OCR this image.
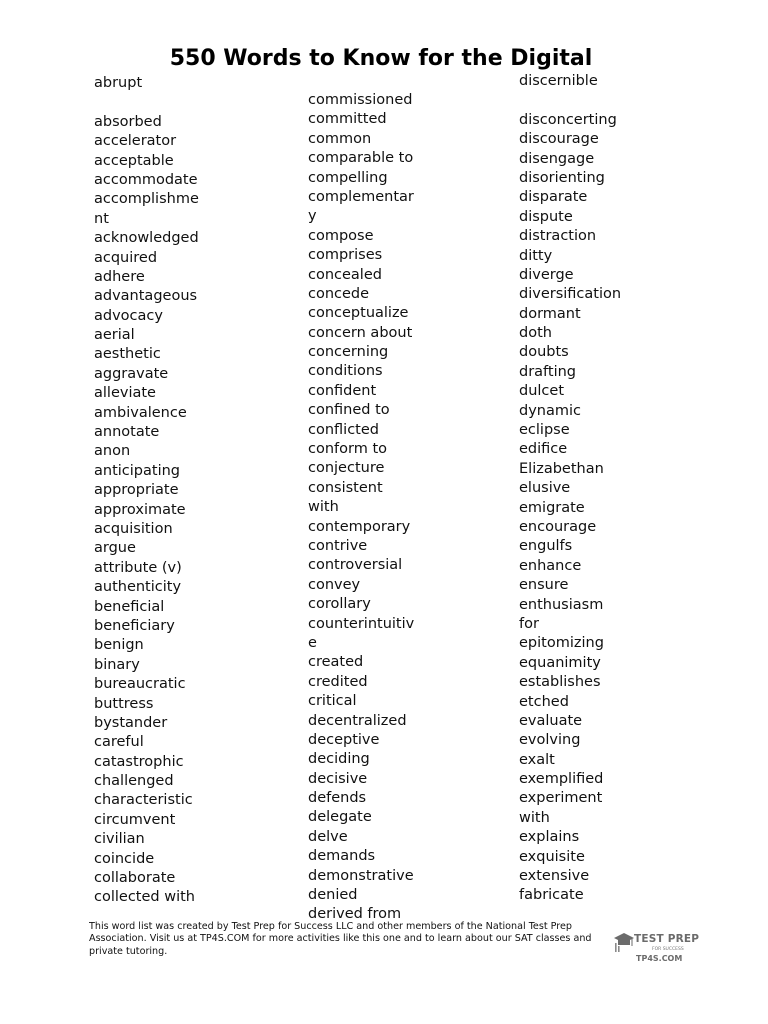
550 Words to Know for the Digital
abrupt
absorbed
accelerator
acceptable
accommodate
accomplishme
nt
acknowledged
acquired
adhere
advantageous
advocacy
aerial
aesthetic
aggravate
alleviate
ambivalence
annotate
anon
anticipating
appropriate
approximate
acquisition
argue
attribute (v)
authenticity
beneficial
beneficiary
benign
binary
bureaucratic
buttress
bystander
careful
catastrophic
challenged
characteristic
circumvent
civilian
coincide
collaborate
collected with
commissioned
committed
common
comparable to
compelling
complementar
y
compose
comprises
concealed
concede
conceptualize
concern about
concerning
conditions
confident
confined to
conflicted
conform to
conjecture
consistent
with
contemporary
contrive
controversial
convey
corollary
counterintuitiv
e
created
credited
critical
decentralized
deceptive
deciding
decisive
defends
delegate
delve
demands
demonstrative
denied
derived from
discernible
disconcerting
discourage
disengage
disorienting
disparate
dispute
distraction
ditty
diverge
diversification
dormant
doth
doubts
drafting
dulcet
dynamic
eclipse
edifice
Elizabethan
elusive
emigrate
encourage
engulfs
enhance
ensure
enthusiasm
for
epitomizing
equanimity
establishes
etched
evaluate
evolving
exalt
exemplified
experiment
with
explains
exquisite
extensive
fabricate
This word list was created by Test Prep for Success LLC and other members of the National Test Prep Association. Visit us at TP4S.COM for more activities like this one and to learn about our SAT classes and private tutoring.
TEST PREP
FOR SUCCESS
TP4S.COM
